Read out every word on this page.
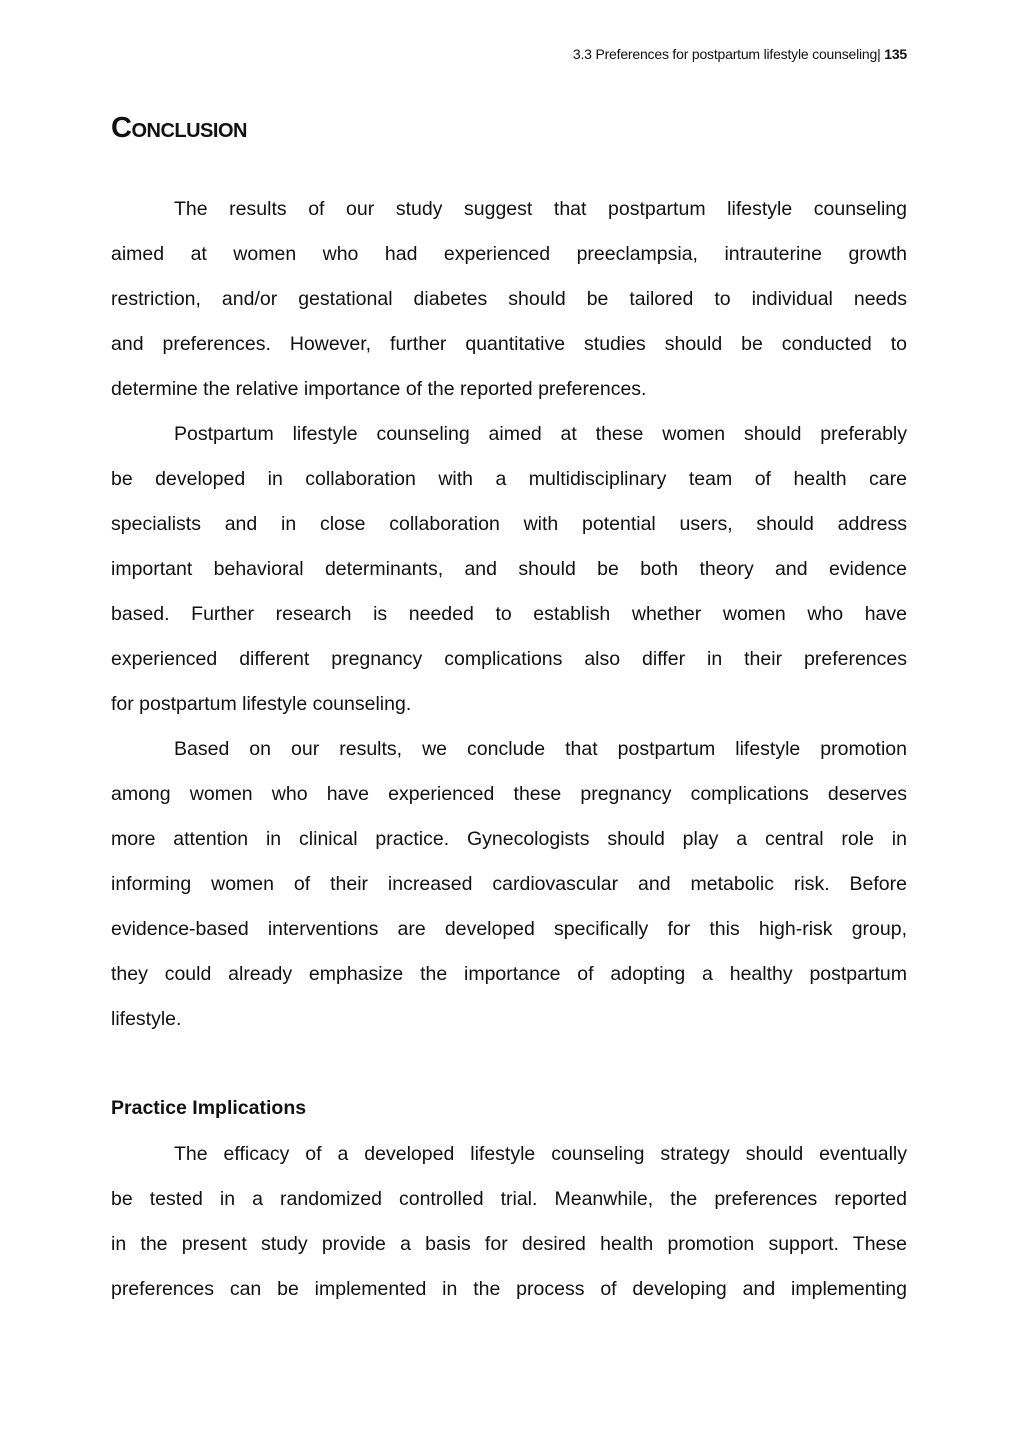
3.3 Preferences for postpartum lifestyle counseling| 135
Conclusion
The results of our study suggest that postpartum lifestyle counseling
aimed at women who had experienced preeclampsia, intrauterine growth
restriction, and/or gestational diabetes should be tailored to individual needs
and preferences. However, further quantitative studies should be conducted to
determine the relative importance of the reported preferences.
Postpartum lifestyle counseling aimed at these women should preferably
be developed in collaboration with a multidisciplinary team of health care
specialists and in close collaboration with potential users, should address
important behavioral determinants, and should be both theory and evidence
based. Further research is needed to establish whether women who have
experienced different pregnancy complications also differ in their preferences
for postpartum lifestyle counseling.
Based on our results, we conclude that postpartum lifestyle promotion
among women who have experienced these pregnancy complications deserves
more attention in clinical practice. Gynecologists should play a central role in
informing women of their increased cardiovascular and metabolic risk. Before
evidence-based interventions are developed specifically for this high-risk group,
they could already emphasize the importance of adopting a healthy postpartum
lifestyle.
Practice Implications
The efficacy of a developed lifestyle counseling strategy should eventually
be tested in a randomized controlled trial. Meanwhile, the preferences reported
in the present study provide a basis for desired health promotion support. These
preferences can be implemented in the process of developing and implementing
